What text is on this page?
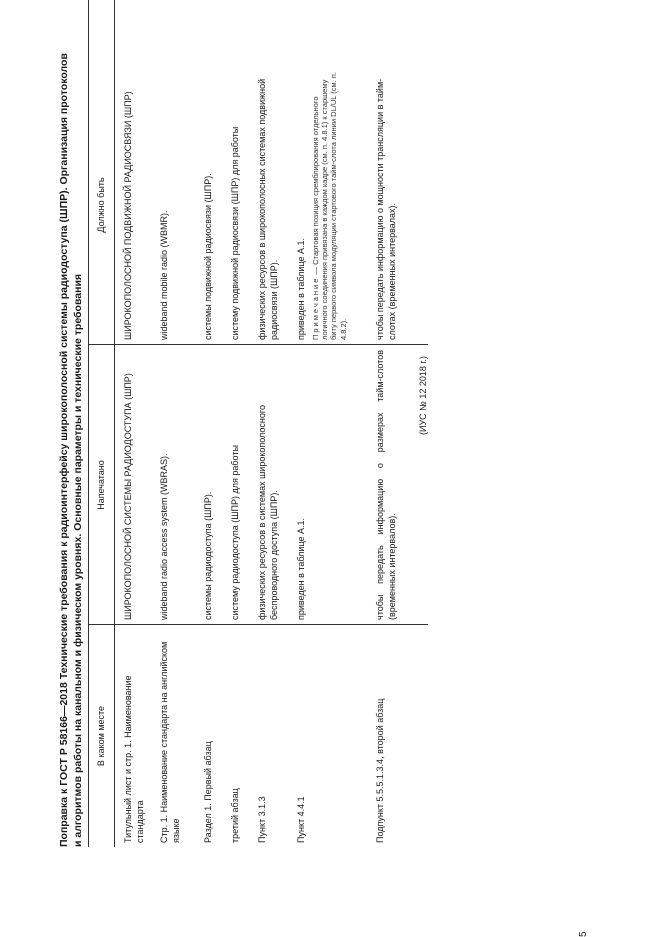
Поправка к ГОСТ Р 58166—2018 Технические требования к радиоинтерфейсу широкополосной системы радиодоступа (ШПР). Организация протоколов и алгоритмов работы на канальном и физическом уровнях. Основные параметры и технические требования	В каком месте
Напечатано
Должно быть
Титульный лист и стр. 1. Наименование стандарта
ШИРОКОПОЛОСНОЙ СИСТЕМЫ РАДИОДОСТУПА (ШПР)
ШИРОКОПОЛОСНОЙ ПОДВИЖНОЙ РАДИОСВЯЗИ (ШПР)
Стр. 1. Наименование стандарта на английском языке
wideband radio access system (WBRAS).
wideband mobile radio (WBMR).
Раздел 1. Первый абзац
системы радиодоступа (ШПР).
системы подвижной радиосвязи (ШПР).
третий абзац
систему радиодоступа (ШПР) для работы
систему подвижной радиосвязи (ШПР) для работы
Пункт 3.1.3
физических ресурсов в системах широкополосного беспроводного доступа (ШПР).
физических ресурсов в широкополосных системах подвижной радиосвязи (ШПР).
Пункт 4.4.1
приведен в таблице А.1.
приведен в таблице А.1. Примечание — Стартовая позиция сремблирования отдельного логичного соединения привязана в каждом кадре (см. п. 4.8.1) к старшему биту первого символа модуляции стартового тайм-слота линии DL/UL (см. п. 4.8.2).
Подпункт 5.5.5.1.3.4, второй абзац
чтобы передать информацию о размерах тайм-слотов (временных интервалов).
чтобы передать информацию о мощности трансляции в тайм-слотах (временных интервалах).
(ИУС № 12 2018 г.)
5
